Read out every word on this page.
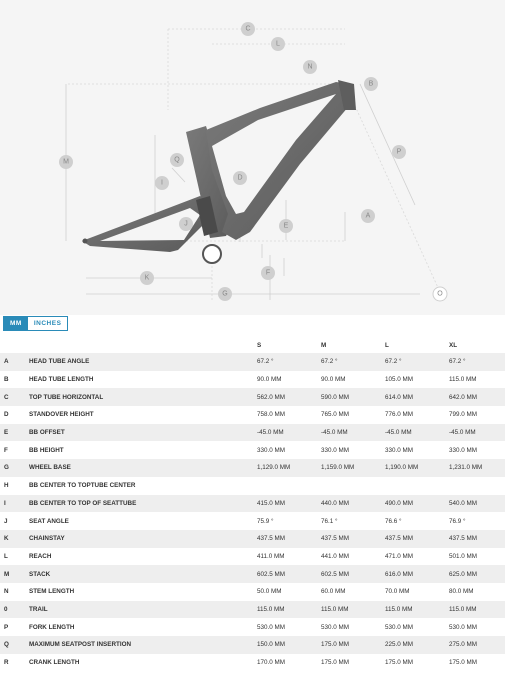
C
L
N
B
P
A
M	Q
I
D
J	E
F
K
G	O
MM	INCHES
		S	M	L	XL
A	HEAD TUBE ANGLE	67.2 °	67.2 °	67.2 °	67.2 °
B	HEAD TUBE LENGTH	90.0 MM	90.0 MM	105.0 MM	115.0 MM
C	TOP TUBE HORIZONTAL	562.0 MM	590.0 MM	614.0 MM	642.0 MM
D	STANDOVER HEIGHT	758.0 MM	765.0 MM	776.0 MM	799.0 MM
E	BB OFFSET	-45.0 MM	-45.0 MM	-45.0 MM	-45.0 MM
F	BB HEIGHT	330.0 MM	330.0 MM	330.0 MM	330.0 MM
G	WHEEL BASE	1,129.0 MM	1,159.0 MM	1,190.0 MM	1,231.0 MM
H	BB CENTER TO TOPTUBE CENTER				
I	BB CENTER TO TOP OF SEATTUBE	415.0 MM	440.0 MM	490.0 MM	540.0 MM
J	SEAT ANGLE	75.9 °	76.1 °	76.6 °	76.9 °
K	CHAINSTAY	437.5 MM	437.5 MM	437.5 MM	437.5 MM
L	REACH	411.0 MM	441.0 MM	471.0 MM	501.0 MM
M	STACK	602.5 MM	602.5 MM	616.0 MM	625.0 MM
N	STEM LENGTH	50.0 MM	60.0 MM	70.0 MM	80.0 MM
0	TRAIL	115.0 MM	115.0 MM	115.0 MM	115.0 MM
P	FORK LENGTH	530.0 MM	530.0 MM	530.0 MM	530.0 MM
Q	MAXIMUM SEATPOST INSERTION	150.0 MM	175.0 MM	225.0 MM	275.0 MM
R	CRANK LENGTH	170.0 MM	175.0 MM	175.0 MM	175.0 MM
